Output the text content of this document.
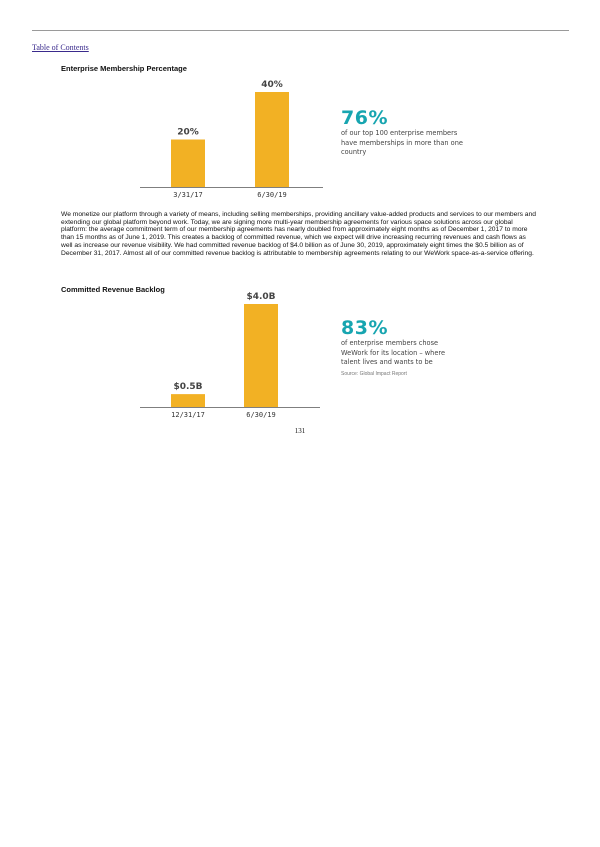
Table of Contents
Enterprise Membership Percentage
20%
3/31/17
40%
6/30/19
76%
of our top 100 enterprise members have memberships in more than one country

We monetize our platform through a variety of means, including selling memberships, providing ancillary value-added products and services to our members and extending our global platform beyond work. Today, we are signing more multi-year membership agreements for various space solutions across our global platform: the average commitment term of our membership agreements has nearly doubled from approximately eight months as of December 1, 2017 to more than 15 months as of June 1, 2019. This creates a backlog of committed revenue, which we expect will drive increasing recurring revenues and cash flows as well as increase our revenue visibility. We had committed revenue backlog of $4.0 billion as of June 30, 2019, approximately eight times the $0.5 billion as of December 31, 2017. Almost all of our committed revenue backlog is attributable to membership agreements relating to our WeWork space-as-a-service offering.

Committed Revenue Backlog
$0.5B
12/31/17
$4.0B
6/30/19
83%
of enterprise members chose WeWork for its location – where talent lives and wants to be
Source: Global Impact Report
131
